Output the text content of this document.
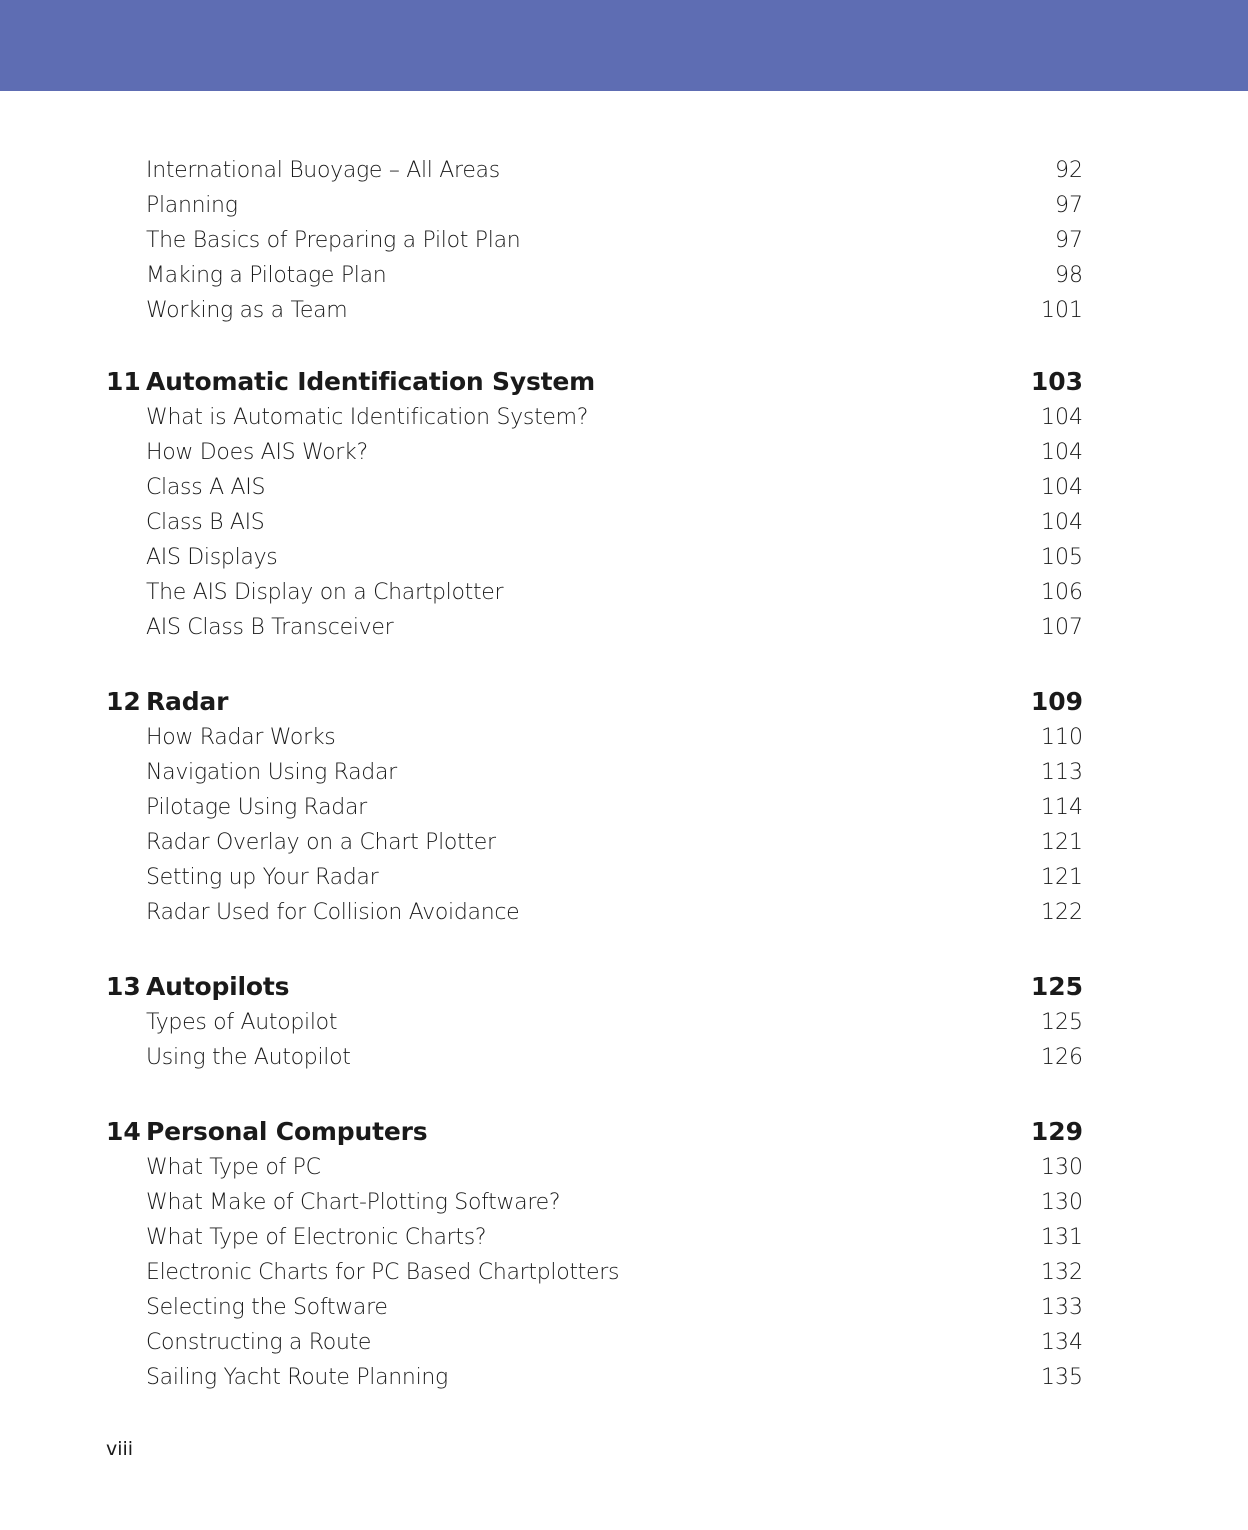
International Buoyage – All Areas	92
Planning	97
The Basics of Preparing a Pilot Plan	97
Making a Pilotage Plan	98
Working as a Team	101
11 Automatic Identification System	103
What is Automatic Identification System?	104
How Does AIS Work?	104
Class A AIS	104
Class B AIS	104
AIS Displays	105
The AIS Display on a Chartplotter	106
AIS Class B Transceiver	107
12 Radar	109
How Radar Works	110
Navigation Using Radar	113
Pilotage Using Radar	114
Radar Overlay on a Chart Plotter	121
Setting up Your Radar	121
Radar Used for Collision Avoidance	122
13 Autopilots	125
Types of Autopilot	125
Using the Autopilot	126
14 Personal Computers	129
What Type of PC	130
What Make of Chart-Plotting Software?	130
What Type of Electronic Charts?	131
Electronic Charts for PC Based Chartplotters	132
Selecting the Software	133
Constructing a Route	134
Sailing Yacht Route Planning	135
viii
